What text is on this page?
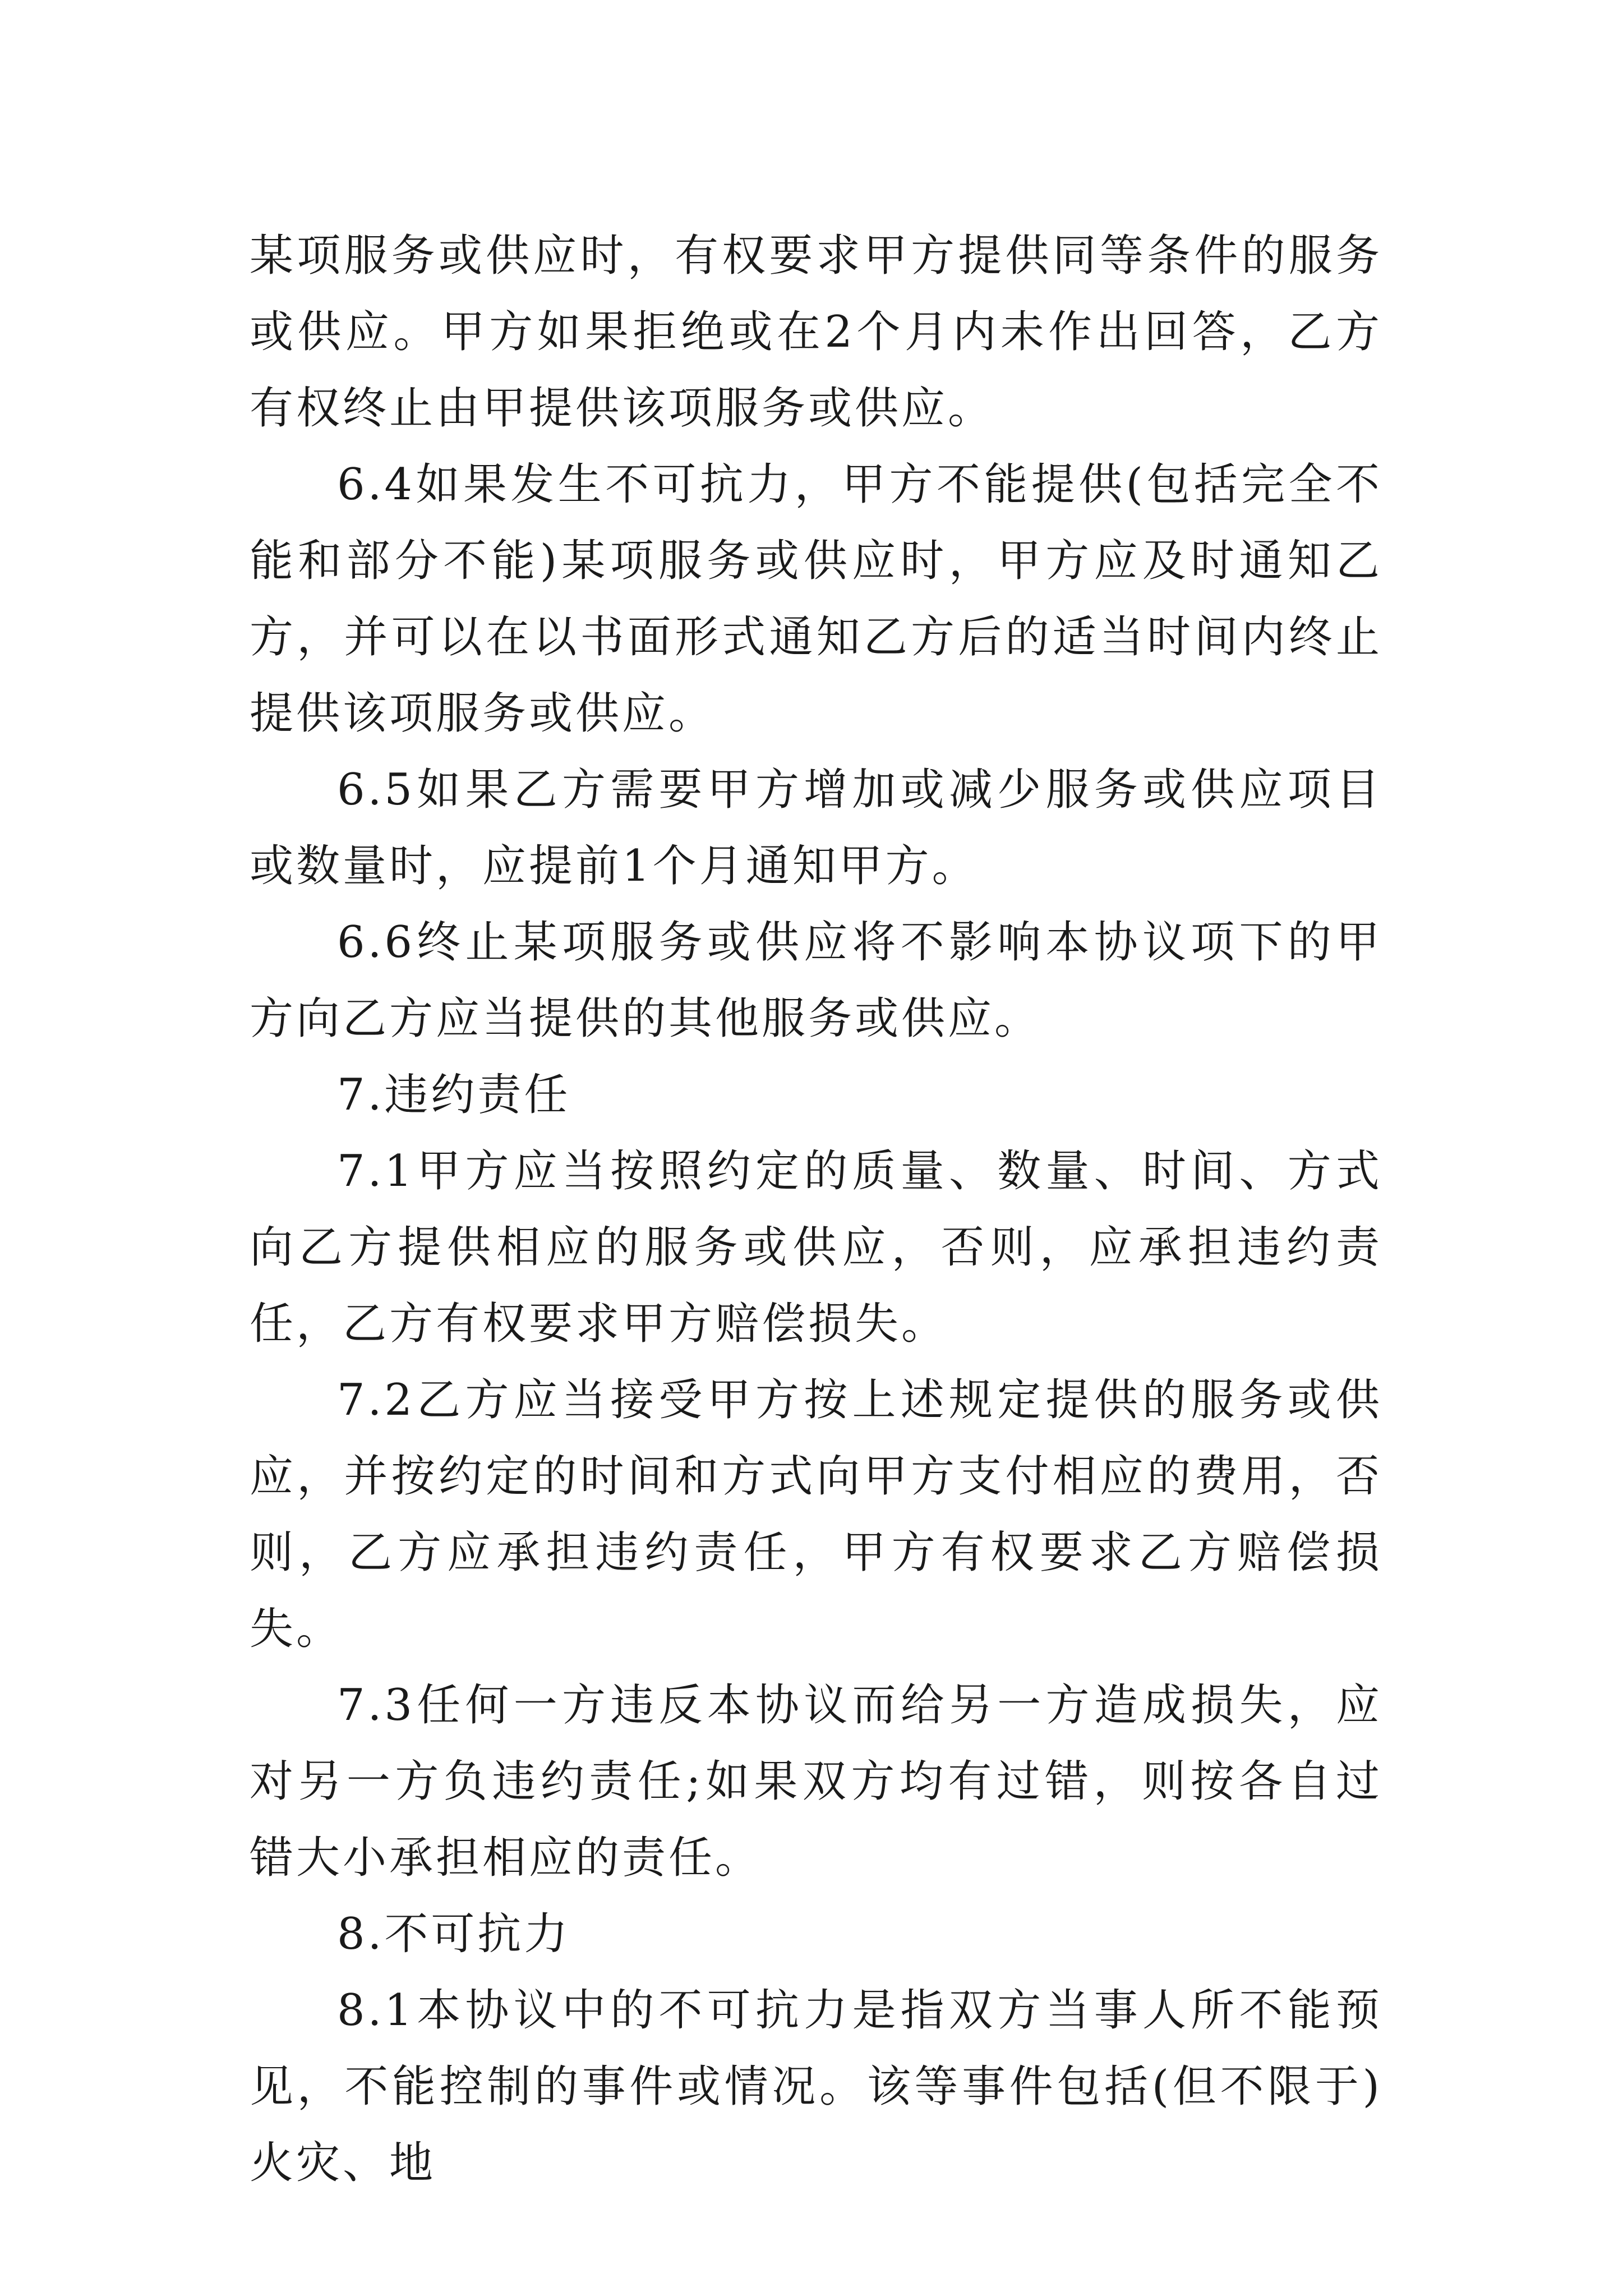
某项服务或供应时，有权要求甲方提供同等条件的服务或供应。甲方如果拒绝或在2个月内未作出回答，乙方有权终止由甲提供该项服务或供应。

6.4如果发生不可抗力，甲方不能提供(包括完全不能和部分不能)某项服务或供应时，甲方应及时通知乙方，并可以在以书面形式通知乙方后的适当时间内终止提供该项服务或供应。

6.5如果乙方需要甲方增加或减少服务或供应项目或数量时，应提前1个月通知甲方。

6.6终止某项服务或供应将不影响本协议项下的甲方向乙方应当提供的其他服务或供应。

7.违约责任

7.1甲方应当按照约定的质量、数量、时间、方式向乙方提供相应的服务或供应，否则，应承担违约责任，乙方有权要求甲方赔偿损失。

7.2乙方应当接受甲方按上述规定提供的服务或供应，并按约定的时间和方式向甲方支付相应的费用，否则，乙方应承担违约责任，甲方有权要求乙方赔偿损失。

7.3任何一方违反本协议而给另一方造成损失，应对另一方负违约责任;如果双方均有过错，则按各自过错大小承担相应的责任。

8.不可抗力

8.1本协议中的不可抗力是指双方当事人所不能预见，不能控制的事件或情况。该等事件包括(但不限于)火灾、地
